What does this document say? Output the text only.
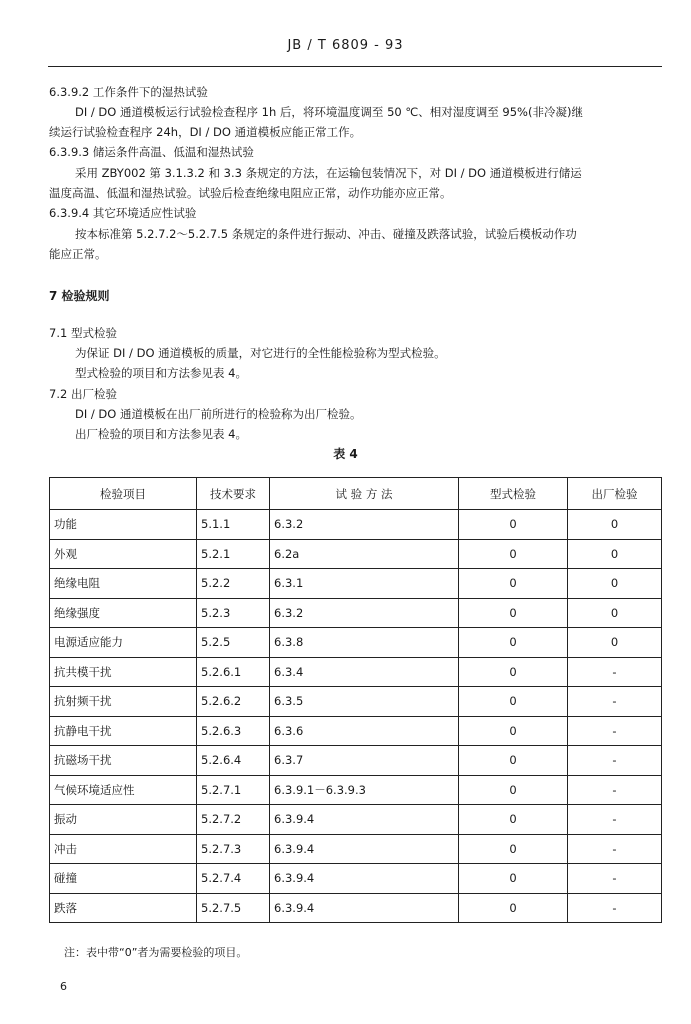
JB / T 6809 - 93
6.3.9.2 工作条件下的湿热试验
DI / DO 通道模板运行试验检查程序 1h 后，将环境温度调至 50 ℃、相对湿度调至 95%(非冷凝)继
续运行试验检查程序 24h，DI / DO 通道模板应能正常工作。
6.3.9.3 储运条件高温、低温和湿热试验
采用 ZBY002 第 3.1.3.2 和 3.3 条规定的方法，在运输包装情况下，对 DI / DO 通道模板进行储运
温度高温、低温和湿热试验。试验后检查绝缘电阻应正常，动作功能亦应正常。
6.3.9.4 其它环境适应性试验
按本标准第 5.2.7.2～5.2.7.5 条规定的条件进行振动、冲击、碰撞及跌落试验，试验后模板动作功
能应正常。
7 检验规则
7.1 型式检验
为保证 DI / DO 通道模板的质量，对它进行的全性能检验称为型式检验。
型式检验的项目和方法参见表 4。
7.2 出厂检验
DI / DO 通道模板在出厂前所进行的检验称为出厂检验。
出厂检验的项目和方法参见表 4。
表 4
检验项目	技术要求	试 验 方 法	型式检验	出厂检验
功能	5.1.1	6.3.2	0	0
外观	5.2.1	6.2a	0	0
绝缘电阻	5.2.2	6.3.1	0	0
绝缘强度	5.2.3	6.3.2	0	0
电源适应能力	5.2.5	6.3.8	0	0
抗共模干扰	5.2.6.1	6.3.4	0	-
抗射频干扰	5.2.6.2	6.3.5	0	-
抗静电干扰	5.2.6.3	6.3.6	0	-
抗磁场干扰	5.2.6.4	6.3.7	0	-
气候环境适应性	5.2.7.1	6.3.9.1－6.3.9.3	0	-
振动	5.2.7.2	6.3.9.4	0	-
冲击	5.2.7.3	6.3.9.4	0	-
碰撞	5.2.7.4	6.3.9.4	0	-
跌落	5.2.7.5	6.3.9.4	0	-
注：表中带“0”者为需要检验的项目。
6
